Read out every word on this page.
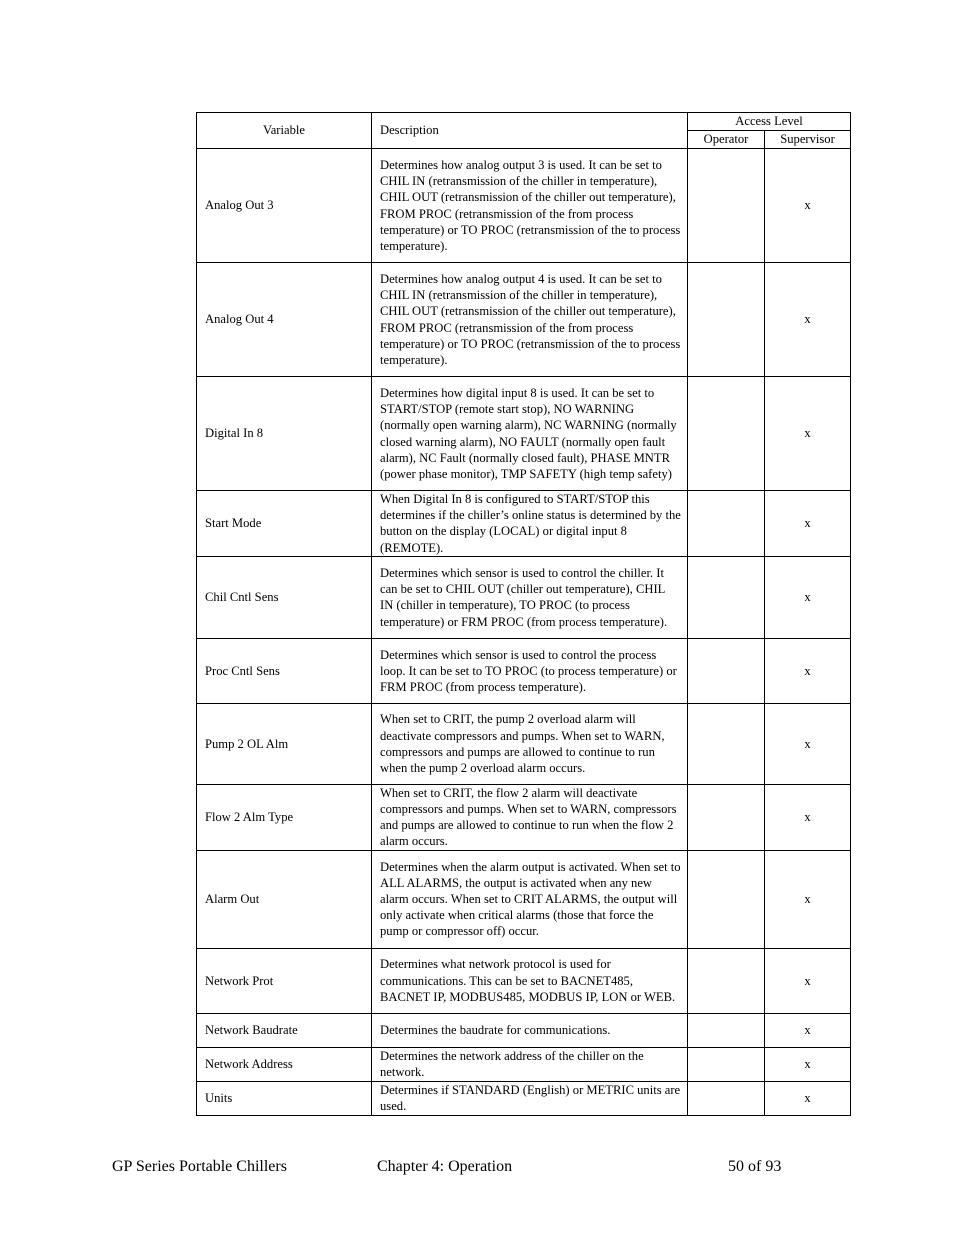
Variable	Description	Access Level	
		Operator	Supervisor
Analog Out 3	Determines how analog output 3 is used. It can be set to CHIL IN (retransmission of the chiller in temperature), CHIL OUT (retransmission of the chiller out temperature), FROM PROC (retransmission of the from process temperature) or TO PROC (retransmission of the to process temperature).		x
Analog Out 4	Determines how analog output 4 is used. It can be set to CHIL IN (retransmission of the chiller in temperature), CHIL OUT (retransmission of the chiller out temperature), FROM PROC (retransmission of the from process temperature) or TO PROC (retransmission of the to process temperature).		x
Digital In 8	Determines how digital input 8 is used. It can be set to START/STOP (remote start stop), NO WARNING (normally open warning alarm), NC WARNING (normally closed warning alarm), NO FAULT (normally open fault alarm), NC Fault (normally closed fault), PHASE MNTR (power phase monitor), TMP SAFETY (high temp safety)		x
Start Mode	When Digital In 8 is configured to START/STOP this determines if the chiller’s online status is determined by the button on the display (LOCAL) or digital input 8 (REMOTE).		x
Chil Cntl Sens	Determines which sensor is used to control the chiller. It can be set to CHIL OUT (chiller out temperature), CHIL IN (chiller in temperature), TO PROC (to process temperature) or FRM PROC (from process temperature).		x
Proc Cntl Sens	Determines which sensor is used to control the process loop. It can be set to TO PROC (to process temperature) or FRM PROC (from process temperature).		x
Pump 2 OL Alm	When set to CRIT, the pump 2 overload alarm will deactivate compressors and pumps. When set to WARN, compressors and pumps are allowed to continue to run when the pump 2 overload alarm occurs.		x
Flow 2 Alm Type	When set to CRIT, the flow 2 alarm will deactivate compressors and pumps. When set to WARN, compressors and pumps are allowed to continue to run when the flow 2 alarm occurs.		x
Alarm Out	Determines when the alarm output is activated. When set to ALL ALARMS, the output is activated when any new alarm occurs. When set to CRIT ALARMS, the output will only activate when critical alarms (those that force the pump or compressor off) occur.		x
Network Prot	Determines what network protocol is used for communications. This can be set to BACNET485, BACNET IP, MODBUS485, MODBUS IP, LON or WEB.		x
Network Baudrate	Determines the baudrate for communications.		x
Network Address	Determines the network address of the chiller on the network.		x
Units	Determines if STANDARD (English) or METRIC units are used.		x
GP Series Portable Chillers	Chapter 4: Operation	50 of 93
